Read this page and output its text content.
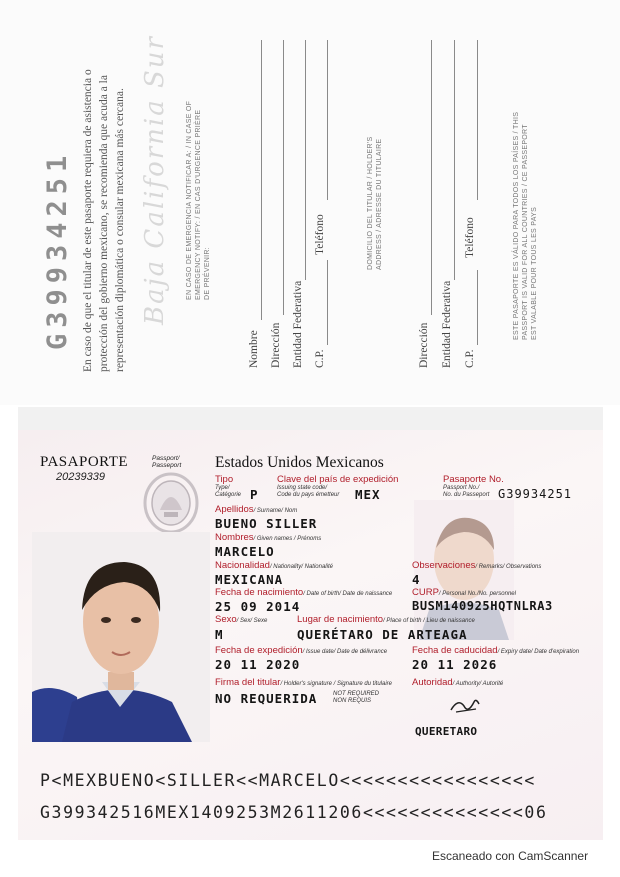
G39934251 En caso de que el titular de este pasaporte requiera de asistencia o protección del gobierno mexicano, se recomienda que acuda a la representación diplomática o consular mexicana más cercana. Baja California Sur EN CASO DE EMERGENCIA NOTIFICAR A: / IN CASE OF EMERGENCY NOTIFY: / EN CAS D'URGENCE PRIÈRE DE PRÉVENIR:
Nombre Dirección Entidad Federativa C.P.
Teléfono	DOMICILIO DEL TITULAR / HOLDER'S ADDRESS / ADRESSE DU TITULAIRE
Dirección Entidad Federativa C.P.
Teléfono	ESTE PASAPORTE ES VÁLIDO PARA TODOS LOS PAÍSES / THIS PASSPORT IS VALID FOR ALL COUNTRIES / CE PASSEPORT EST VALABLE POUR TOUS LES PAYS
PASAPORTE	Passport/
Passeport
20239339
Estados Unidos Mexicanos
Tipo
Type/
Catégorie P
Clave del país de expedición
Issuing state code/
Code du pays émetteur MEX
Pasaporte No.
Passport No./
No. du Passeport G39934251
Apellidos/ Surname/ Nom
BUENO SILLER
Nombres/ Given names / Prénoms
MARCELO
Nacionalidad/ Nationality/ Nationalité
MEXICANA
Observaciones/ Remarks/ Observations
4
Fecha de nacimiento/ Date of birth/ Date de naissance
25 09 2014
CURP/ Personal No./No. personnel
BUSM140925HQTNLRA3
Sexo/ Sex/ Sexe
M
Lugar de nacimiento/ Place of birth / Lieu de naissance
QUERÉTARO DE ARTEAGA
Fecha de expedición/ Issue date/ Date de délivrance
20 11 2020
Fecha de caducidad/ Expiry date/ Date d'expiration
20 11 2026
Firma del titular/ Holder's signature / Signature du titulaire
NO REQUERIDA	NOT REQUIRED
NON REQUIS
Autoridad/ Authority/ Autorité
QUERETARO
P<MEXBUENO<SILLER<<MARCELO<<<<<<<<<<<<<<<<<
G399342516MEX1409253M2611206<<<<<<<<<<<<<<06
Escaneado con CamScanner
